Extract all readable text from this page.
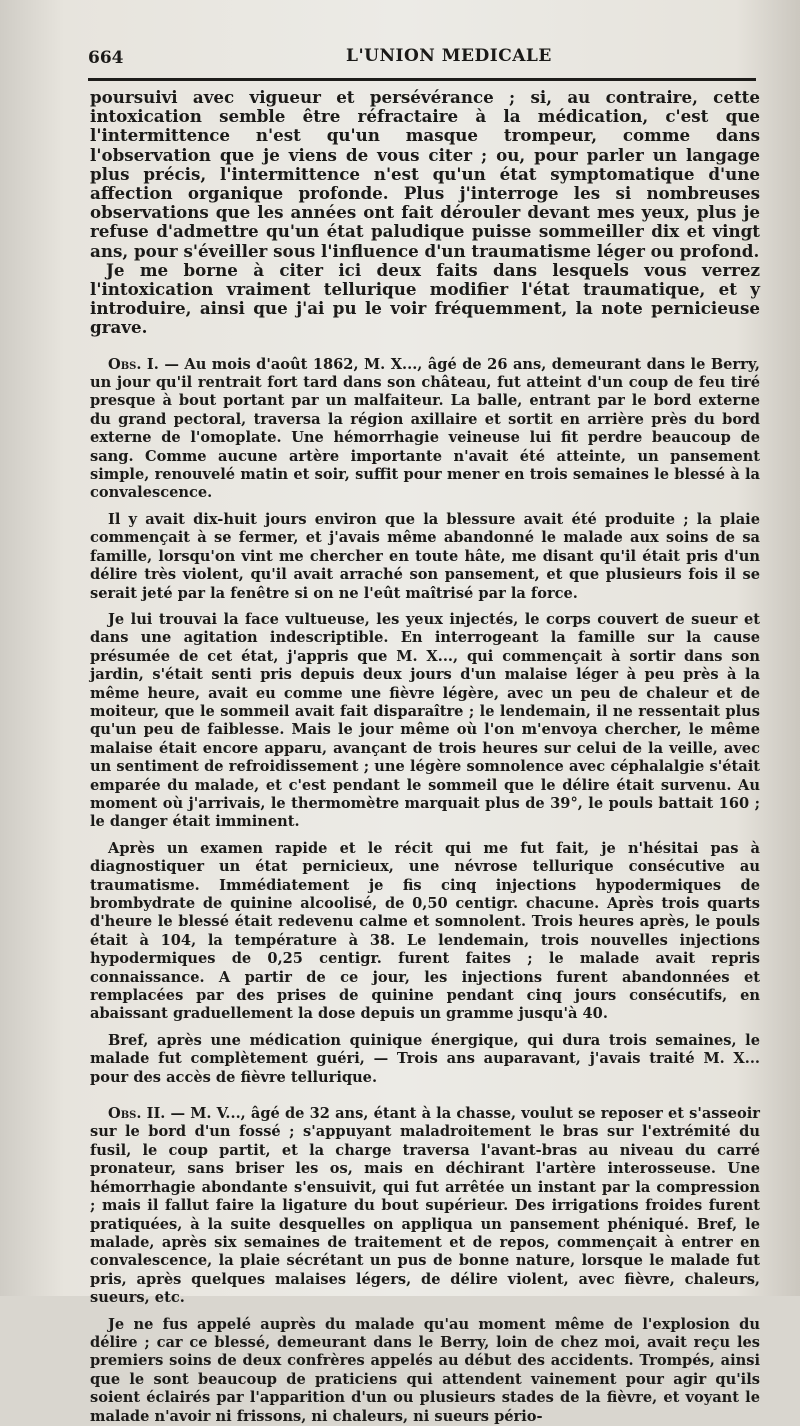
664	L'UNION MEDICALE

poursuivi avec vigueur et persévérance ; si, au contraire, cette intoxication semble être réfractaire à la médication, c'est que l'intermittence n'est qu'un masque trompeur, comme dans l'observation que je viens de vous citer ; ou, pour parler un langage plus précis, l'intermittence n'est qu'un état symptomatique d'une affection organique profonde. Plus j'interroge les si nombreuses observations que les années ont fait dérouler devant mes yeux, plus je refuse d'admettre qu'un état paludique puisse sommeiller dix et vingt ans, pour s'éveiller sous l'influence d'un traumatisme léger ou profond.

Je me borne à citer ici deux faits dans lesquels vous verrez l'intoxication vraiment tellurique modifier l'état traumatique, et y introduire, ainsi que j'ai pu le voir fréquemment, la note pernicieuse grave.

Obs. I. — Au mois d'août 1862, M. X..., âgé de 26 ans, demeurant dans le Berry, un jour qu'il rentrait fort tard dans son château, fut atteint d'un coup de feu tiré presque à bout portant par un malfaiteur. La balle, entrant par le bord externe du grand pectoral, traversa la région axillaire et sortit en arrière près du bord externe de l'omoplate. Une hémorrhagie veineuse lui fit perdre beaucoup de sang. Comme aucune artère importante n'avait été atteinte, un pansement simple, renouvelé matin et soir, suffit pour mener en trois semaines le blessé à la convalescence.

Il y avait dix-huit jours environ que la blessure avait été produite ; la plaie commençait à se fermer, et j'avais même abandonné le malade aux soins de sa famille, lorsqu'on vint me chercher en toute hâte, me disant qu'il était pris d'un délire très violent, qu'il avait arraché son pansement, et que plusieurs fois il se serait jeté par la fenêtre si on ne l'eût maîtrisé par la force.

Je lui trouvai la face vultueuse, les yeux injectés, le corps couvert de sueur et dans une agitation indescriptible. En interrogeant la famille sur la cause présumée de cet état, j'appris que M. X..., qui commençait à sortir dans son jardin, s'était senti pris depuis deux jours d'un malaise léger à peu près à la même heure, avait eu comme une fièvre légère, avec un peu de chaleur et de moiteur, que le sommeil avait fait disparaître ; le lendemain, il ne ressentait plus qu'un peu de faiblesse. Mais le jour même où l'on m'envoya chercher, le même malaise était encore apparu, avançant de trois heures sur celui de la veille, avec un sentiment de refroidissement ; une légère somnolence avec céphalalgie s'était emparée du malade, et c'est pendant le sommeil que le délire était survenu. Au moment où j'arrivais, le thermomètre marquait plus de 39°, le pouls battait 160 ; le danger était imminent.

Après un examen rapide et le récit qui me fut fait, je n'hésitai pas à diagnostiquer un état pernicieux, une névrose tellurique consécutive au traumatisme. Immédiatement je fis cinq injections hypodermiques de brombydrate de quinine alcoolisé, de 0,50 centigr. chacune. Après trois quarts d'heure le blessé était redevenu calme et somnolent. Trois heures après, le pouls était à 104, la température à 38. Le lendemain, trois nouvelles injections hypodermiques de 0,25 centigr. furent faites ; le malade avait repris connaissance. A partir de ce jour, les injections furent abandonnées et remplacées par des prises de quinine pendant cinq jours consécutifs, en abaissant graduellement la dose depuis un gramme jusqu'à 40.

Bref, après une médication quinique énergique, qui dura trois semaines, le malade fut complètement guéri, — Trois ans auparavant, j'avais traité M. X... pour des accès de fièvre tellurique.

Obs. II. — M. V..., âgé de 32 ans, étant à la chasse, voulut se reposer et s'asseoir sur le bord d'un fossé ; s'appuyant maladroitement le bras sur l'extrémité du fusil, le coup partit, et la charge traversa l'avant-bras au niveau du carré pronateur, sans briser les os, mais en déchirant l'artère interosseuse. Une hémorrhagie abondante s'ensuivit, qui fut arrêtée un instant par la compression ; mais il fallut faire la ligature du bout supérieur. Des irrigations froides furent pratiquées, à la suite desquelles on appliqua un pansement phéniqué. Bref, le malade, après six semaines de traitement et de repos, commençait à entrer en convalescence, la plaie sécrétant un pus de bonne nature, lorsque le malade fut pris, après quelques malaises légers, de délire violent, avec fièvre, chaleurs, sueurs, etc.

Je ne fus appelé auprès du malade qu'au moment même de l'explosion du délire ; car ce blessé, demeurant dans le Berry, loin de chez moi, avait reçu les premiers soins de deux confrères appelés au début des accidents. Trompés, ainsi que le sont beaucoup de praticiens qui attendent vainement pour agir qu'ils soient éclairés par l'apparition d'un ou plusieurs stades de la fièvre, et voyant le malade n'avoir ni frissons, ni chaleurs, ni sueurs pério-
